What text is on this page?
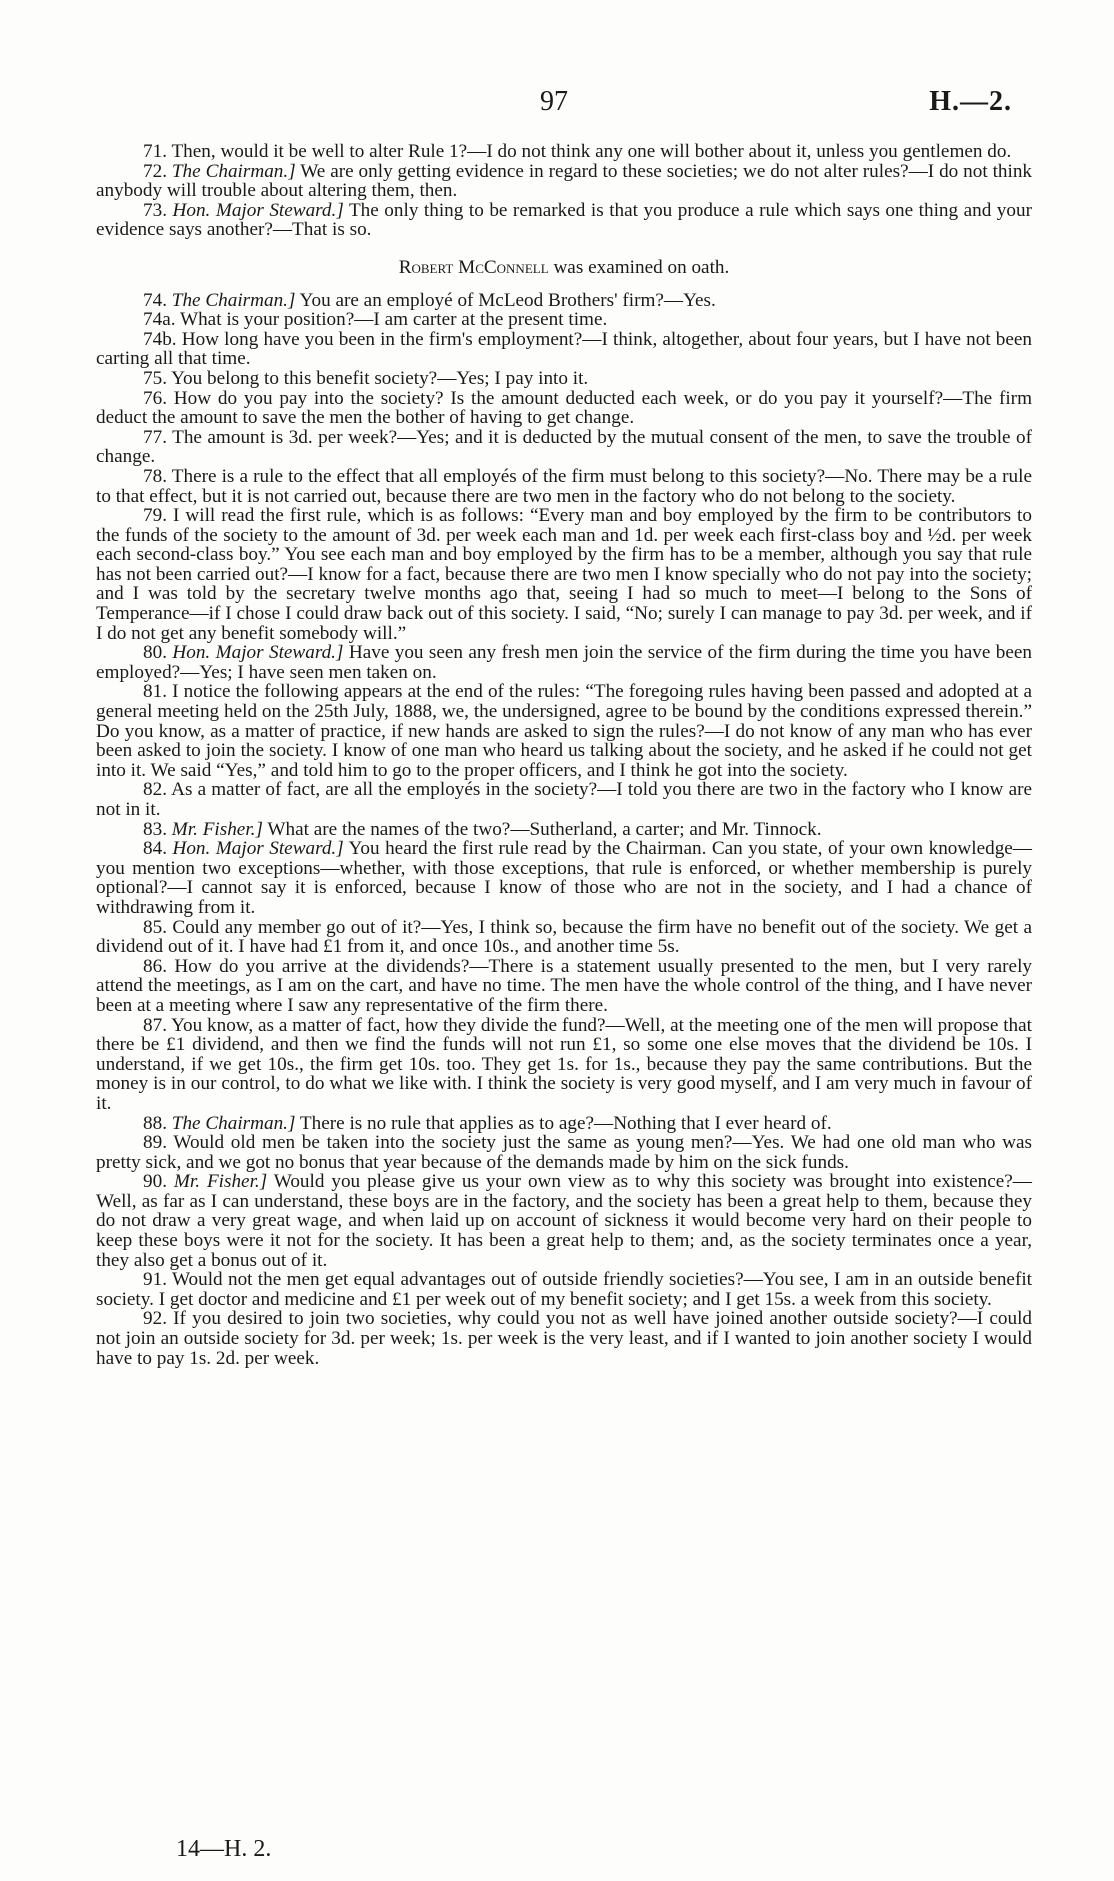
97	H.—2.

71. Then, would it be well to alter Rule 1?—I do not think any one will bother about it, unless you gentlemen do.

72. The Chairman.] We are only getting evidence in regard to these societies; we do not alter rules?—I do not think anybody will trouble about altering them, then.

73. Hon. Major Steward.] The only thing to be remarked is that you produce a rule which says one thing and your evidence says another?—That is so.

Robert McConnell was examined on oath.

74. The Chairman.] You are an employé of McLeod Brothers' firm?—Yes.

74a. What is your position?—I am carter at the present time.

74b. How long have you been in the firm's employment?—I think, altogether, about four years, but I have not been carting all that time.

75. You belong to this benefit society?—Yes; I pay into it.

76. How do you pay into the society? Is the amount deducted each week, or do you pay it yourself?—The firm deduct the amount to save the men the bother of having to get change.

77. The amount is 3d. per week?—Yes; and it is deducted by the mutual consent of the men, to save the trouble of change.

78. There is a rule to the effect that all employés of the firm must belong to this society?—No. There may be a rule to that effect, but it is not carried out, because there are two men in the factory who do not belong to the society.

79. I will read the first rule, which is as follows: “Every man and boy employed by the firm to be contributors to the funds of the society to the amount of 3d. per week each man and 1d. per week each first-class boy and ½d. per week each second-class boy.” You see each man and boy employed by the firm has to be a member, although you say that rule has not been carried out?—I know for a fact, because there are two men I know specially who do not pay into the society; and I was told by the secretary twelve months ago that, seeing I had so much to meet—I belong to the Sons of Temperance—if I chose I could draw back out of this society. I said, “No; surely I can manage to pay 3d. per week, and if I do not get any benefit somebody will.”

80. Hon. Major Steward.] Have you seen any fresh men join the service of the firm during the time you have been employed?—Yes; I have seen men taken on.

81. I notice the following appears at the end of the rules: “The foregoing rules having been passed and adopted at a general meeting held on the 25th July, 1888, we, the undersigned, agree to be bound by the conditions expressed therein.” Do you know, as a matter of practice, if new hands are asked to sign the rules?—I do not know of any man who has ever been asked to join the society. I know of one man who heard us talking about the society, and he asked if he could not get into it. We said “Yes,” and told him to go to the proper officers, and I think he got into the society.

82. As a matter of fact, are all the employés in the society?—I told you there are two in the factory who I know are not in it.

83. Mr. Fisher.] What are the names of the two?—Sutherland, a carter; and Mr. Tinnock.

84. Hon. Major Steward.] You heard the first rule read by the Chairman. Can you state, of your own knowledge—you mention two exceptions—whether, with those exceptions, that rule is enforced, or whether membership is purely optional?—I cannot say it is enforced, because I know of those who are not in the society, and I had a chance of withdrawing from it.

85. Could any member go out of it?—Yes, I think so, because the firm have no benefit out of the society. We get a dividend out of it. I have had £1 from it, and once 10s., and another time 5s.

86. How do you arrive at the dividends?—There is a statement usually presented to the men, but I very rarely attend the meetings, as I am on the cart, and have no time. The men have the whole control of the thing, and I have never been at a meeting where I saw any representative of the firm there.

87. You know, as a matter of fact, how they divide the fund?—Well, at the meeting one of the men will propose that there be £1 dividend, and then we find the funds will not run £1, so some one else moves that the dividend be 10s. I understand, if we get 10s., the firm get 10s. too. They get 1s. for 1s., because they pay the same contributions. But the money is in our control, to do what we like with. I think the society is very good myself, and I am very much in favour of it.

88. The Chairman.] There is no rule that applies as to age?—Nothing that I ever heard of.

89. Would old men be taken into the society just the same as young men?—Yes. We had one old man who was pretty sick, and we got no bonus that year because of the demands made by him on the sick funds.

90. Mr. Fisher.] Would you please give us your own view as to why this society was brought into existence?—Well, as far as I can understand, these boys are in the factory, and the society has been a great help to them, because they do not draw a very great wage, and when laid up on account of sickness it would become very hard on their people to keep these boys were it not for the society. It has been a great help to them; and, as the society terminates once a year, they also get a bonus out of it.

91. Would not the men get equal advantages out of outside friendly societies?—You see, I am in an outside benefit society. I get doctor and medicine and £1 per week out of my benefit society; and I get 15s. a week from this society.

92. If you desired to join two societies, why could you not as well have joined another outside society?—I could not join an outside society for 3d. per week; 1s. per week is the very least, and if I wanted to join another society I would have to pay 1s. 2d. per week.

14—H. 2.
